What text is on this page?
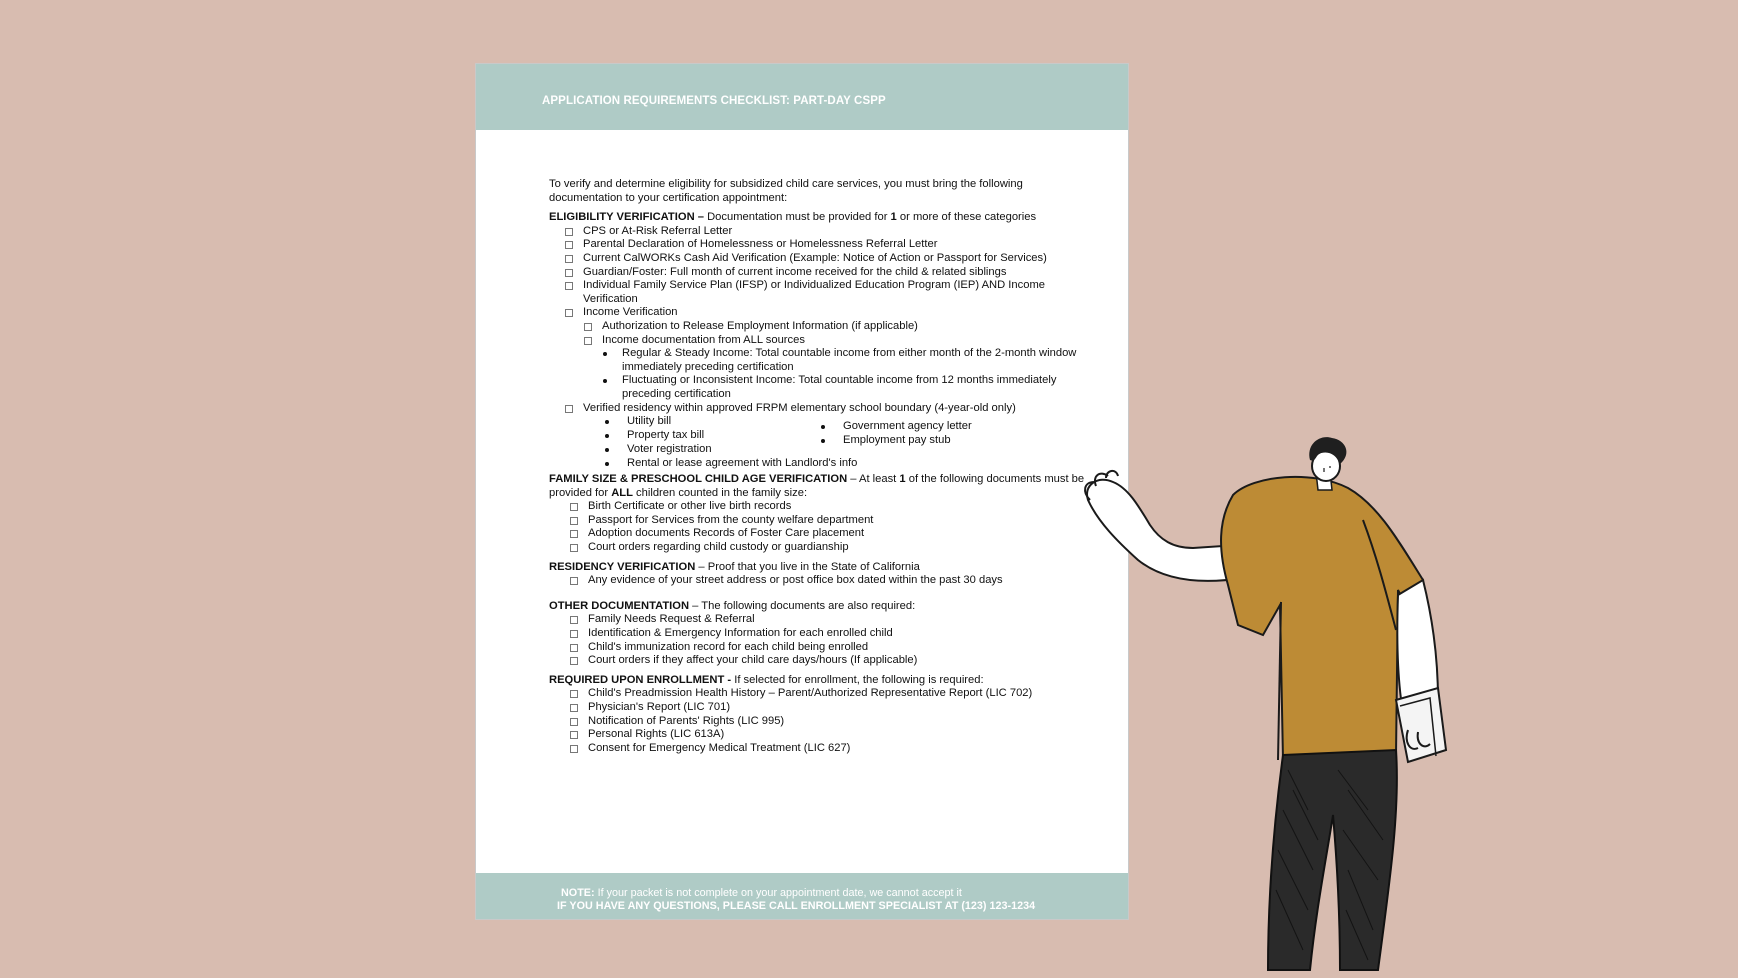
APPLICATION REQUIREMENTS CHECKLIST: PART-DAY CSPP

To verify and determine eligibility for subsidized child care services, you must bring the following documentation to your certification appointment:

ELIGIBILITY VERIFICATION – Documentation must be provided for 1 or more of these categories
CPS or At-Risk Referral Letter
Parental Declaration of Homelessness or Homelessness Referral Letter
Current CalWORKs Cash Aid Verification (Example: Notice of Action or Passport for Services)
Guardian/Foster: Full month of current income received for the child & related siblings
Individual Family Service Plan (IFSP) or Individualized Education Program (IEP) AND Income Verification
Income Verification
Authorization to Release Employment Information (if applicable)
Income documentation from ALL sources
Regular & Steady Income: Total countable income from either month of the 2-month window immediately preceding certification
Fluctuating or Inconsistent Income: Total countable income from 12 months immediately preceding certification
Verified residency within approved FRPM elementary school boundary (4-year-old only)
Utility bill
Property tax bill
Voter registration
Rental or lease agreement with Landlord's info
Government agency letter
Employment pay stub
FAMILY SIZE & PRESCHOOL CHILD AGE VERIFICATION – At least 1 of the following documents must be provided for ALL children counted in the family size:
Birth Certificate or other live birth records
Passport for Services from the county welfare department
Adoption documents Records of Foster Care placement
Court orders regarding child custody or guardianship
RESIDENCY VERIFICATION – Proof that you live in the State of California
Any evidence of your street address or post office box dated within the past 30 days
OTHER DOCUMENTATION – The following documents are also required:
Family Needs Request & Referral
Identification & Emergency Information for each enrolled child
Child's immunization record for each child being enrolled
Court orders if they affect your child care days/hours (If applicable)
REQUIRED UPON ENROLLMENT - If selected for enrollment, the following is required:
Child's Preadmission Health History – Parent/Authorized Representative Report (LIC 702)
Physician's Report (LIC 701)
Notification of Parents' Rights (LIC 995)
Personal Rights (LIC 613A)
Consent for Emergency Medical Treatment (LIC 627)
NOTE: If your packet is not complete on your appointment date, we cannot accept it
IF YOU HAVE ANY QUESTIONS, PLEASE CALL ENROLLMENT SPECIALIST AT (123) 123-1234
